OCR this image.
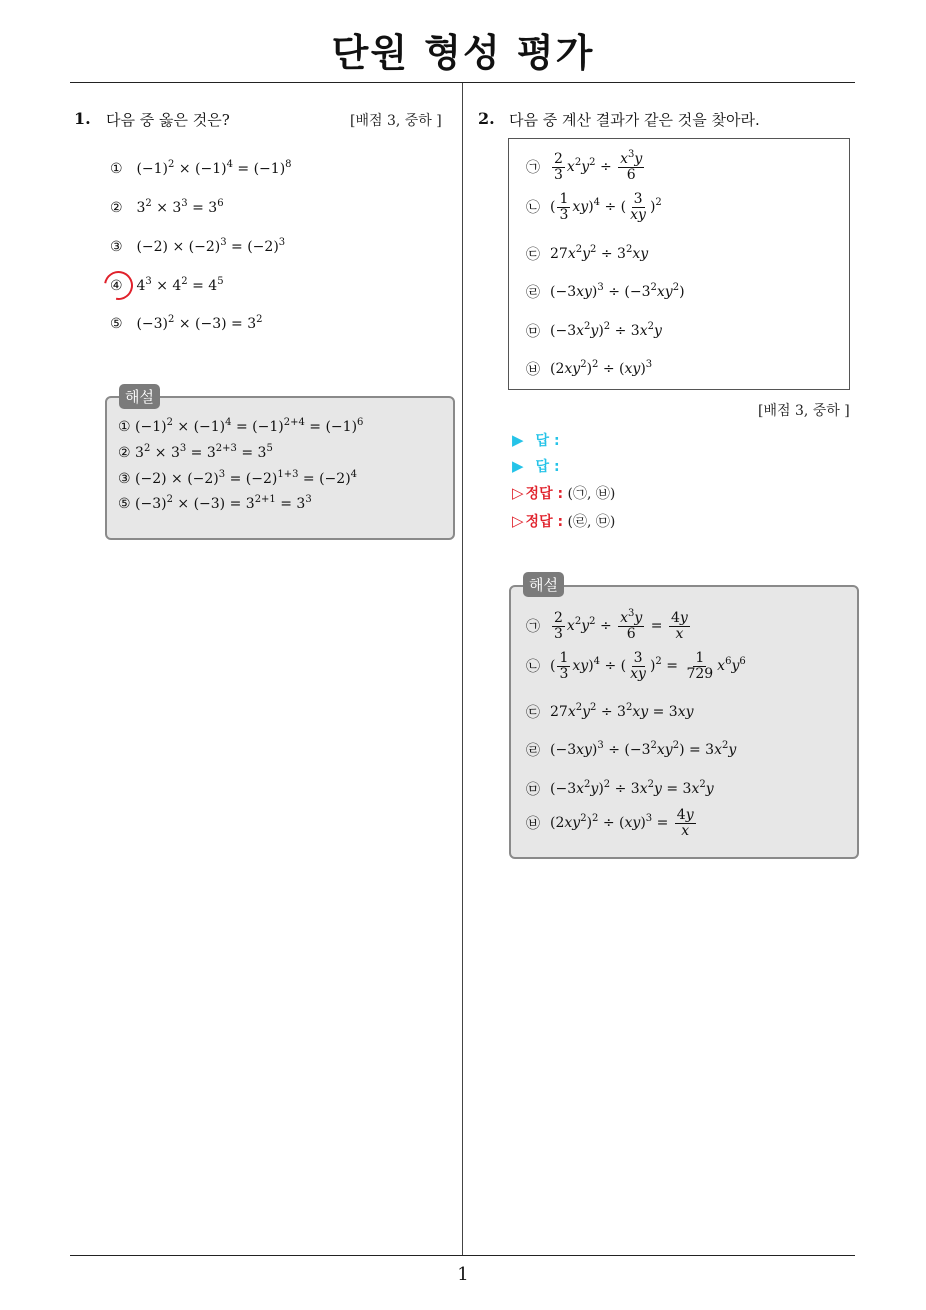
단원 형성 평가
1
1. 다음 중 옳은 것은?	[배점 3, 중하 ]
① $(-1)^2 \times (-1)^4 = (-1)^8$
② $3^2 \times 3^3 = 3^6$
③ $(-2) \times (-2)^3 = (-2)^3$
④ $4^3 \times 4^2 = 4^5$
⑤ $(-3)^2 \times (-3) = 3^2$
해설
① $(-1)^2 \times (-1)^4 = (-1)^{2+4} = (-1)^6$
② $3^2 \times 3^3 = 3^{2+3} = 3^5$
③ $(-2) \times (-2)^3 = (-2)^{1+3} = (-2)^4$
⑤ $(-3)^2 \times (-3) = 3^{2+1} = 3^3$
2. 다음 중 계산 결과가 같은 것을 찾아라.
㉠ $\frac{2}{3} x^2y^2 \div \frac{x^3y}{6}$
㉡ ( $\frac{1}{3} xy)^4$ ÷ ( $\frac{3}{xy} )^2$
㉢ $27x^2y^2 \div 3^2xy$
㉣ $(-3xy)^3 \div (-3^2xy^2)$
㉤ $(-3x^2y)^2 \div 3x^2y$
㉥ $(2xy^2)^2 \div (xy)^3$
[배점 3, 중하 ]
▶ 답 :
▶ 답 :
▷ 정답 : (㉠, ㉥)
▷ 정답 : (㉣, ㉤)
해설
㉠ $\frac{2}{3} x^2y^2 \div \frac{x^3y}{6} = \frac{4y}{x}$
㉡ ( $\frac{1}{3} xy)^4$ ÷ ( $\frac{3}{xy} )^2 = \frac{1}{729} x^6y^6$
㉢ $27x^2y^2 \div 3^2xy = 3xy$
㉣ $(-3xy)^3 \div (-3^2xy^2) = 3x^2y$
㉤ $(-3x^2y)^2 \div 3x^2y = 3x^2y$
㉥ $(2xy^2)^2 \div (xy)^3 = \frac{4y}{x}$
